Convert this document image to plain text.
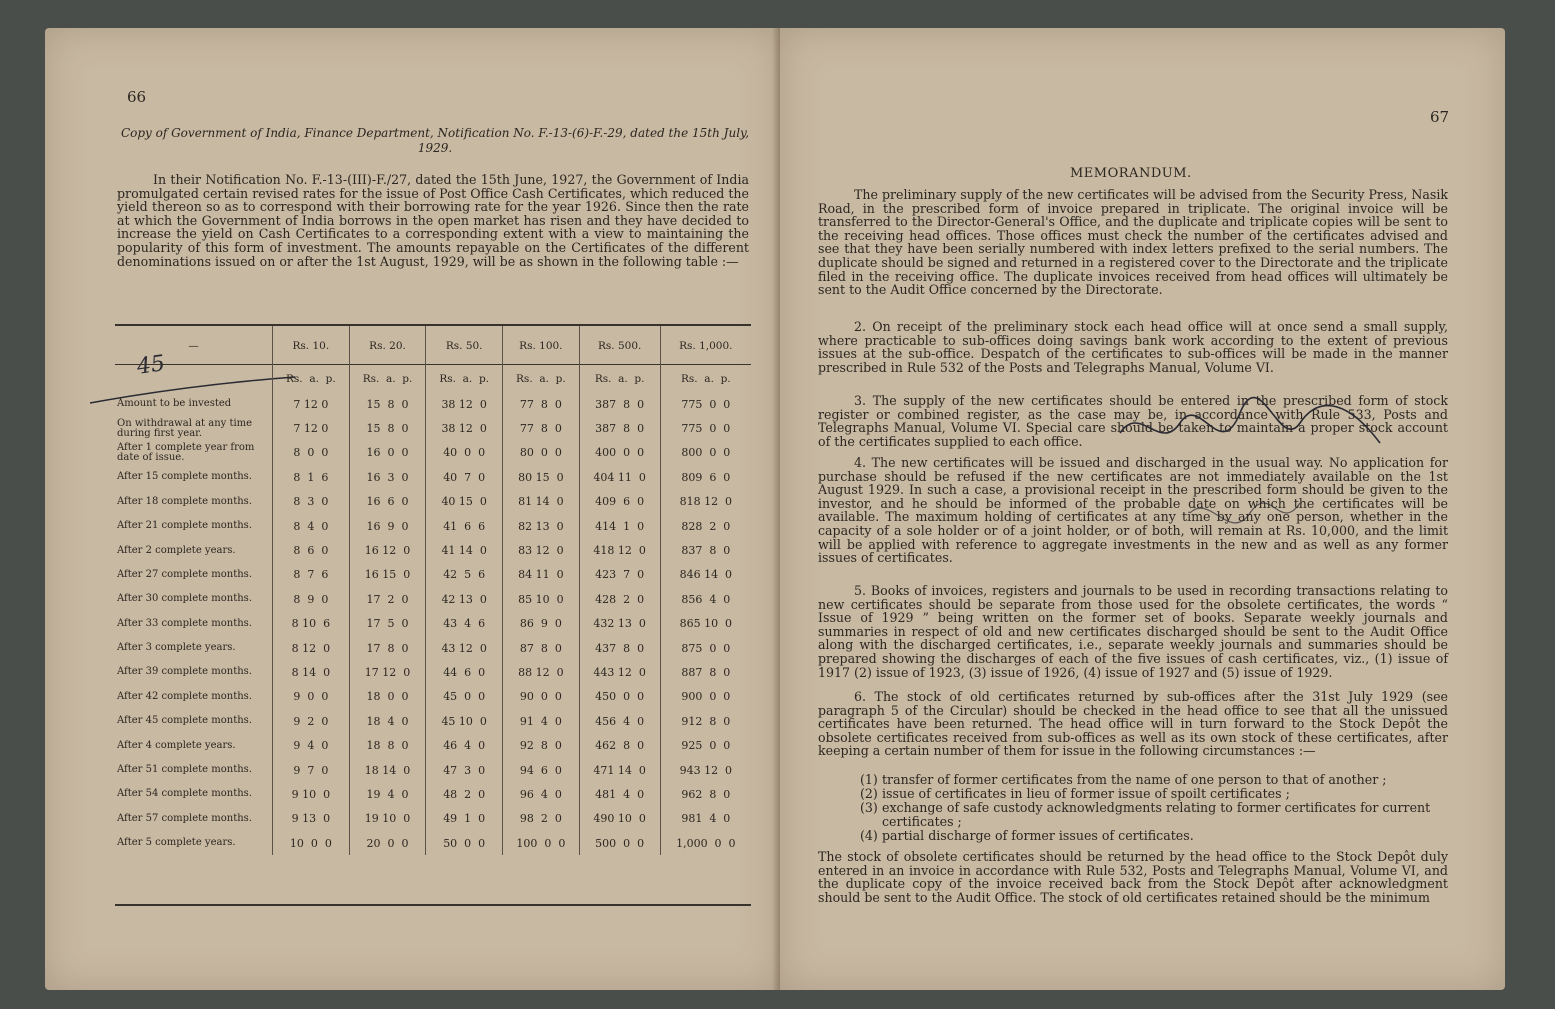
66
Copy of Government of India, Finance Department, Notification No. F.-13-(6)-F.-29, dated the 15th July, 1929.

In their Notification No. F.-13-(III)-F./27, dated the 15th June, 1927, the Government of India promulgated certain revised rates for the issue of Post Office Cash Certificates, which reduced the yield thereon so as to correspond with their borrowing rate for the year 1926. Since then the rate at which the Government of India borrows in the open market has risen and they have decided to increase the yield on Cash Certificates to a corresponding extent with a view to maintaining the popularity of this form of investment. The amounts repayable on the Certificates of the different denominations issued on or after the 1st August, 1929, will be as shown in the following table :—

45
—	Rs. 10.	Rs. 20.	Rs. 50.	Rs. 100.	Rs. 500.	Rs. 1,000.
	Rs.  a.  p.	Rs.  a.  p.	Rs.  a.  p.	Rs.  a.  p.	Rs.  a.  p.	Rs.  a.  p.
Amount to be invested	7 12 0	15  8  0	38 12  0	77  8  0	387  8  0	775  0  0
On withdrawal at any time during first year.	7 12 0	15  8  0	38 12  0	77  8  0	387  8  0	775  0  0
After 1 complete year from date of issue.	8  0  0	16  0  0	40  0  0	80  0  0	400  0  0	800  0  0
After 15 complete months.	8  1  6	16  3  0	40  7  0	80 15  0	404 11  0	809  6  0
After 18 complete months.	8  3  0	16  6  0	40 15  0	81 14  0	409  6  0	818 12  0
After 21 complete months.	8  4  0	16  9  0	41  6  6	82 13  0	414  1  0	828  2  0
After 2 complete years.	8  6  0	16 12  0	41 14  0	83 12  0	418 12  0	837  8  0
After 27 complete months.	8  7  6	16 15  0	42  5  6	84 11  0	423  7  0	846 14  0
After 30 complete months.	8  9  0	17  2  0	42 13  0	85 10  0	428  2  0	856  4  0
After 33 complete months.	8 10  6	17  5  0	43  4  6	86  9  0	432 13  0	865 10  0
After 3 complete years.	8 12  0	17  8  0	43 12  0	87  8  0	437  8  0	875  0  0
After 39 complete months.	8 14  0	17 12  0	44  6  0	88 12  0	443 12  0	887  8  0
After 42 complete months.	9  0  0	18  0  0	45  0  0	90  0  0	450  0  0	900  0  0
After 45 complete months.	9  2  0	18  4  0	45 10  0	91  4  0	456  4  0	912  8  0
After 4 complete years.	9  4  0	18  8  0	46  4  0	92  8  0	462  8  0	925  0  0
After 51 complete months.	9  7  0	18 14  0	47  3  0	94  6  0	471 14  0	943 12  0
After 54 complete months.	9 10  0	19  4  0	48  2  0	96  4  0	481  4  0	962  8  0
After 57 complete months.	9 13  0	19 10  0	49  1  0	98  2  0	490 10  0	981  4  0
After 5 complete years.	10  0  0	20  0  0	50  0  0	100  0  0	500  0  0	1,000  0  0
67
MEMORANDUM.

The preliminary supply of the new certificates will be advised from the Security Press, Nasik Road, in the prescribed form of invoice prepared in triplicate. The original invoice will be transferred to the Director-General's Office, and the duplicate and triplicate copies will be sent to the receiving head offices. Those offices must check the number of the certificates advised and see that they have been serially numbered with index letters prefixed to the serial numbers. The duplicate should be signed and returned in a registered cover to the Directorate and the triplicate filed in the receiving office. The duplicate invoices received from head offices will ultimately be sent to the Audit Office concerned by the Directorate.

2. On receipt of the preliminary stock each head office will at once send a small supply, where practicable to sub-offices doing savings bank work according to the extent of previous issues at the sub-office. Despatch of the certificates to sub-offices will be made in the manner prescribed in Rule 532 of the Posts and Telegraphs Manual, Volume VI.

3. The supply of the new certificates should be entered in the prescribed form of stock register or combined register, as the case may be, in accordance with Rule 533, Posts and Telegraphs Manual, Volume VI. Special care should be taken to maintain a proper stock account of the certificates supplied to each office.

4. The new certificates will be issued and discharged in the usual way. No application for purchase should be refused if the new certificates are not immediately available on the 1st August 1929. In such a case, a provisional receipt in the prescribed form should be given to the investor, and he should be informed of the probable date on which the certificates will be available. The maximum holding of certificates at any time by any one person, whether in the capacity of a sole holder or of a joint holder, or of both, will remain at Rs. 10,000, and the limit will be applied with reference to aggregate investments in the new and as well as any former issues of certificates.

5. Books of invoices, registers and journals to be used in recording transactions relating to new certificates should be separate from those used for the obsolete certificates, the words “ Issue of 1929 ” being written on the former set of books. Separate weekly journals and summaries in respect of old and new certificates discharged should be sent to the Audit Office along with the discharged certificates, i.e., separate weekly journals and summaries should be prepared showing the discharges of each of the five issues of cash certificates, viz., (1) issue of 1917 (2) issue of 1923, (3) issue of 1926, (4) issue of 1927 and (5) issue of 1929.

6. The stock of old certificates returned by sub-offices after the 31st July 1929 (see paragraph 5 of the Circular) should be checked in the head office to see that all the unissued certificates have been returned. The head office will in turn forward to the Stock Depôt the obsolete certificates received from sub-offices as well as its own stock of these certificates, after keeping a certain number of them for issue in the following circumstances :—

(1) transfer of former certificates from the name of one person to that of another ;
(2) issue of certificates in lieu of former issue of spoilt certificates ;
(3) exchange of safe custody acknowledgments relating to former certificates for current certificates ;
(4) partial discharge of former issues of certificates.

The stock of obsolete certificates should be returned by the head office to the Stock Depôt duly entered in an invoice in accordance with Rule 532, Posts and Telegraphs Manual, Volume VI, and the duplicate copy of the invoice received back from the Stock Depôt after acknowledgment should be sent to the Audit Office. The stock of old certificates retained should be the minimum
